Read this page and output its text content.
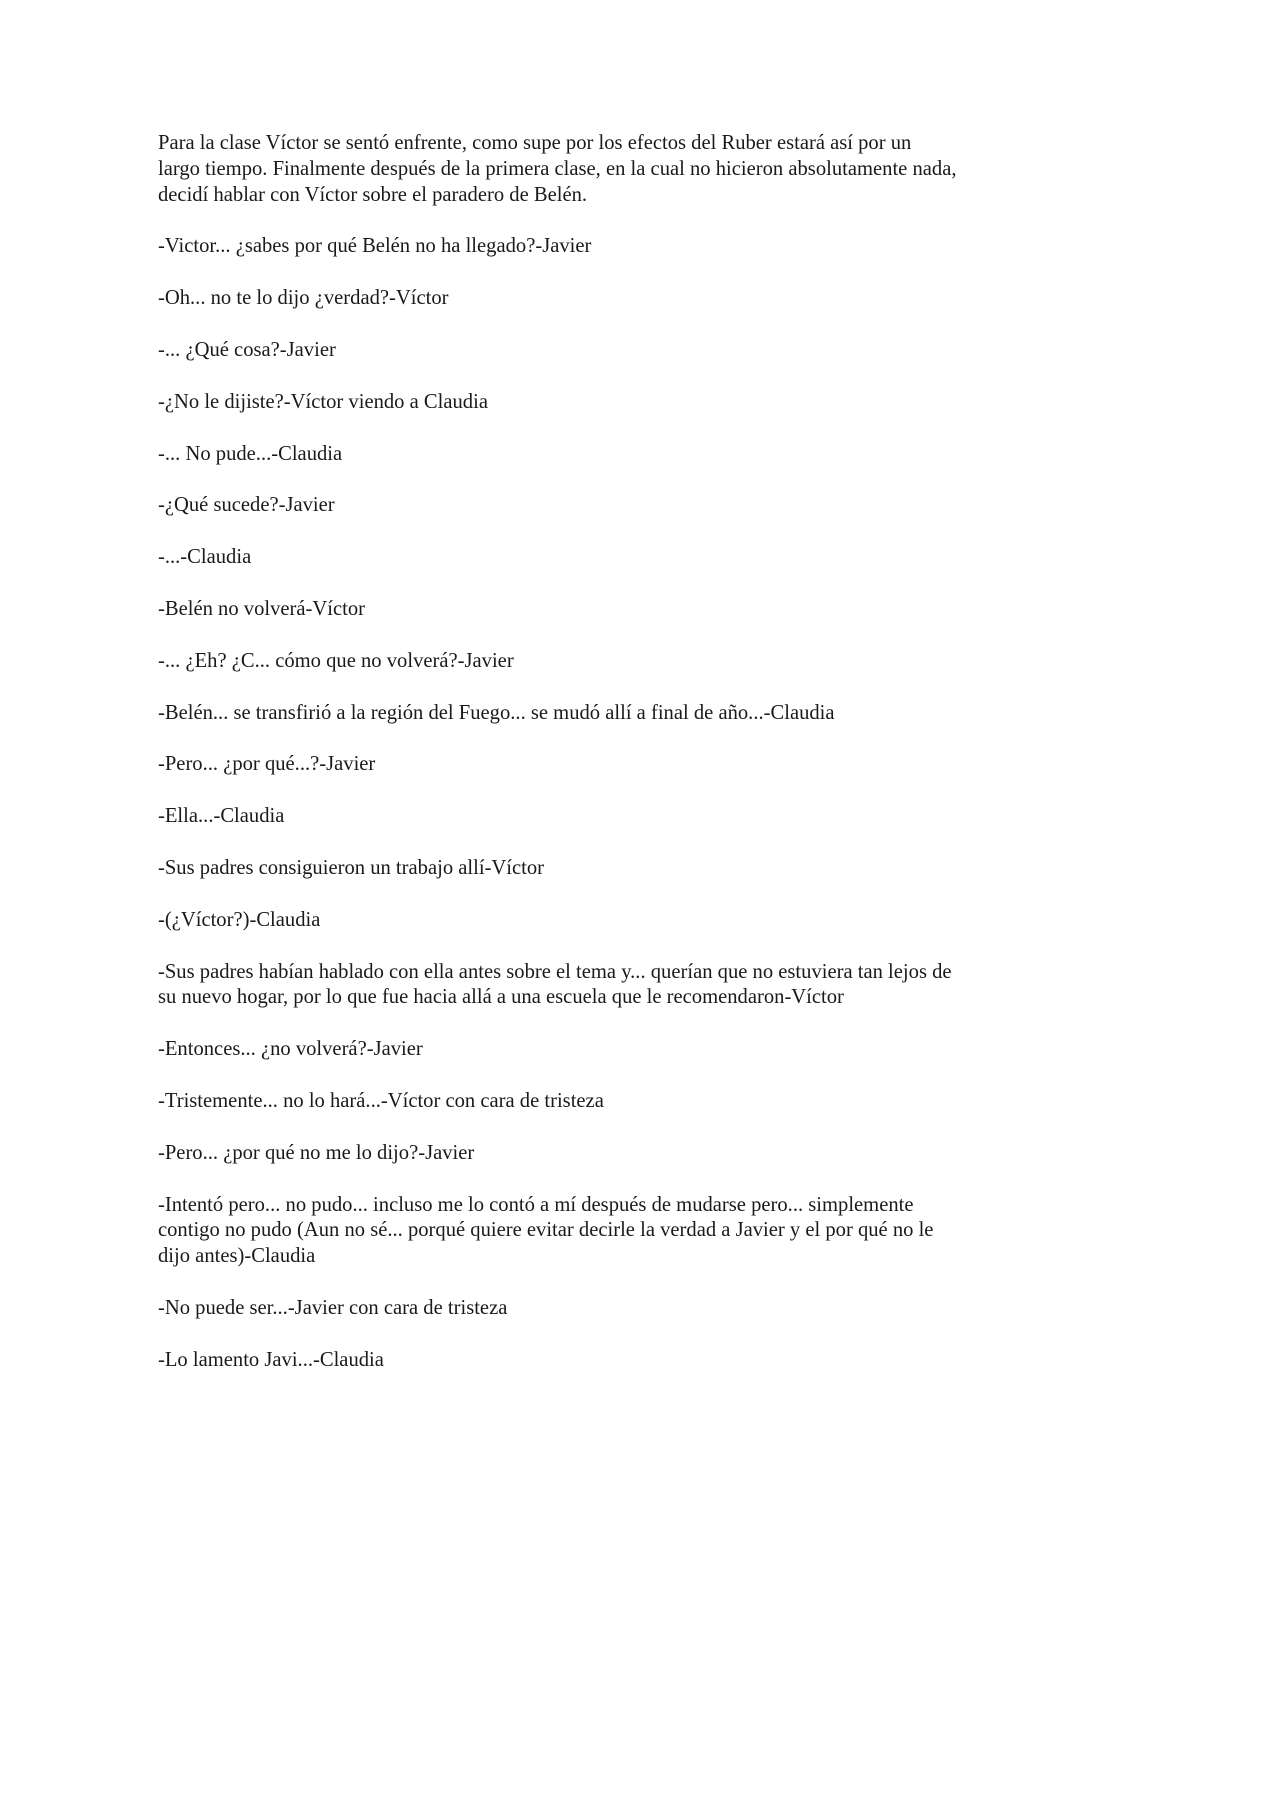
Para la clase Víctor se sentó enfrente, como supe por los efectos del Ruber estará así por un largo tiempo. Finalmente después de la primera clase, en la cual no hicieron absolutamente nada, decidí hablar con Víctor sobre el paradero de Belén.

-Victor... ¿sabes por qué Belén no ha llegado?-Javier

-Oh... no te lo dijo ¿verdad?-Víctor

-... ¿Qué cosa?-Javier

-¿No le dijiste?-Víctor viendo a Claudia

-... No pude...-Claudia

-¿Qué sucede?-Javier

-...-Claudia

-Belén no volverá-Víctor

-... ¿Eh? ¿C... cómo que no volverá?-Javier

-Belén... se transfirió a la región del Fuego... se mudó allí a final de año...-Claudia

-Pero... ¿por qué...?-Javier

-Ella...-Claudia

-Sus padres consiguieron un trabajo allí-Víctor

-(¿Víctor?)-Claudia

-Sus padres habían hablado con ella antes sobre el tema y... querían que no estuviera tan lejos de su nuevo hogar, por lo que fue hacia allá a una escuela que le recomendaron-Víctor

-Entonces... ¿no volverá?-Javier

-Tristemente... no lo hará...-Víctor con cara de tristeza

-Pero... ¿por qué no me lo dijo?-Javier

-Intentó pero... no pudo... incluso me lo contó a mí después de mudarse pero... simplemente contigo no pudo (Aun no sé... porqué quiere evitar decirle la verdad a Javier y el por qué no le dijo antes)-Claudia

-No puede ser...-Javier con cara de tristeza

-Lo lamento Javi...-Claudia
